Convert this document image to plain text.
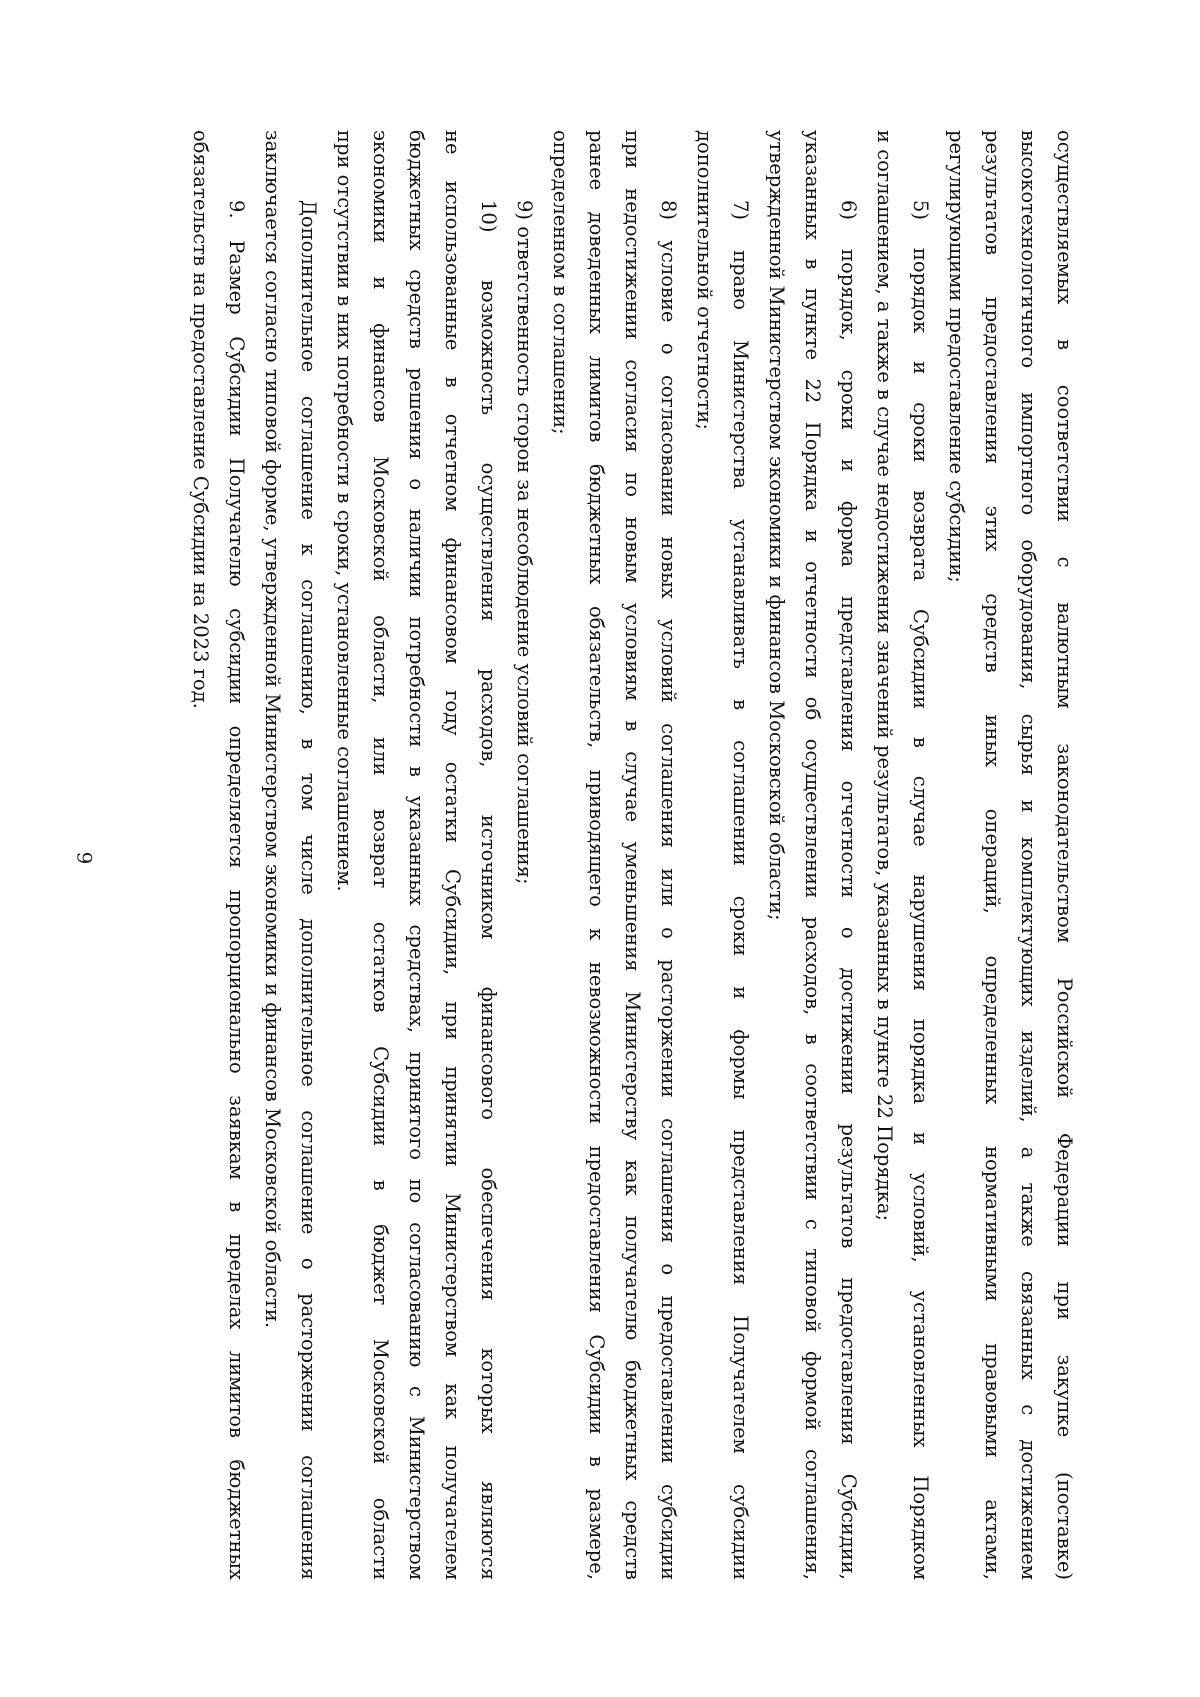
9	осуществляемых в соответствии с валютным законодательством Российской Федерации при закупке (поставке)
высокотехнологичного импортного оборудования, сырья и комплектующих изделий, а также связанных с достижением
результатов предоставления этих средств иных операций, определенных нормативными правовыми актами,
регулирующими предоставление субсидии;
5) порядок и сроки возврата Субсидии в случае нарушения порядка и условий, установленных Порядком
и соглашением, а также в случае недостижения значений результатов, указанных в пункте 22 Порядка;
6) порядок, сроки и форма представления отчетности о достижении результатов предоставления Субсидии,
указанных в пункте 22 Порядка и отчетности об осуществлении расходов, в соответствии с типовой формой соглашения,
утвержденной Министерством экономики и финансов Московской области;
7) право Министерства устанавливать в соглашении сроки и формы представления Получателем субсидии
дополнительной отчетности;
8) условие о согласовании новых условий соглашения или о расторжении соглашения о предоставлении субсидии
при недостижении согласия по новым условиям в случае уменьшения Министерству как получателю бюджетных средств
ранее доведенных лимитов бюджетных обязательств, приводящего к невозможности предоставления Субсидии в размере,
определенном в соглашении;
9) ответственность сторон за несоблюдение условий соглашения;
10) возможность осуществления расходов, источником финансового обеспечения которых являются
не использованные в отчетном финансовом году остатки Субсидии, при принятии Министерством как получателем
бюджетных средств решения о наличии потребности в указанных средствах, принятого по согласованию с Министерством
экономики и финансов Московской области, или возврат остатков Субсидии в бюджет Московской области
при отсутствии в них потребности в сроки, установленные соглашением.
Дополнительное соглашение к соглашению, в том числе дополнительное соглашение о расторжении соглашения
заключается согласно типовой форме, утвержденной Министерством экономики и финансов Московской области.
9. Размер Субсидии Получателю субсидии определяется пропорционально заявкам в пределах лимитов бюджетных
обязательств на предоставление Субсидии на 2023 год.
